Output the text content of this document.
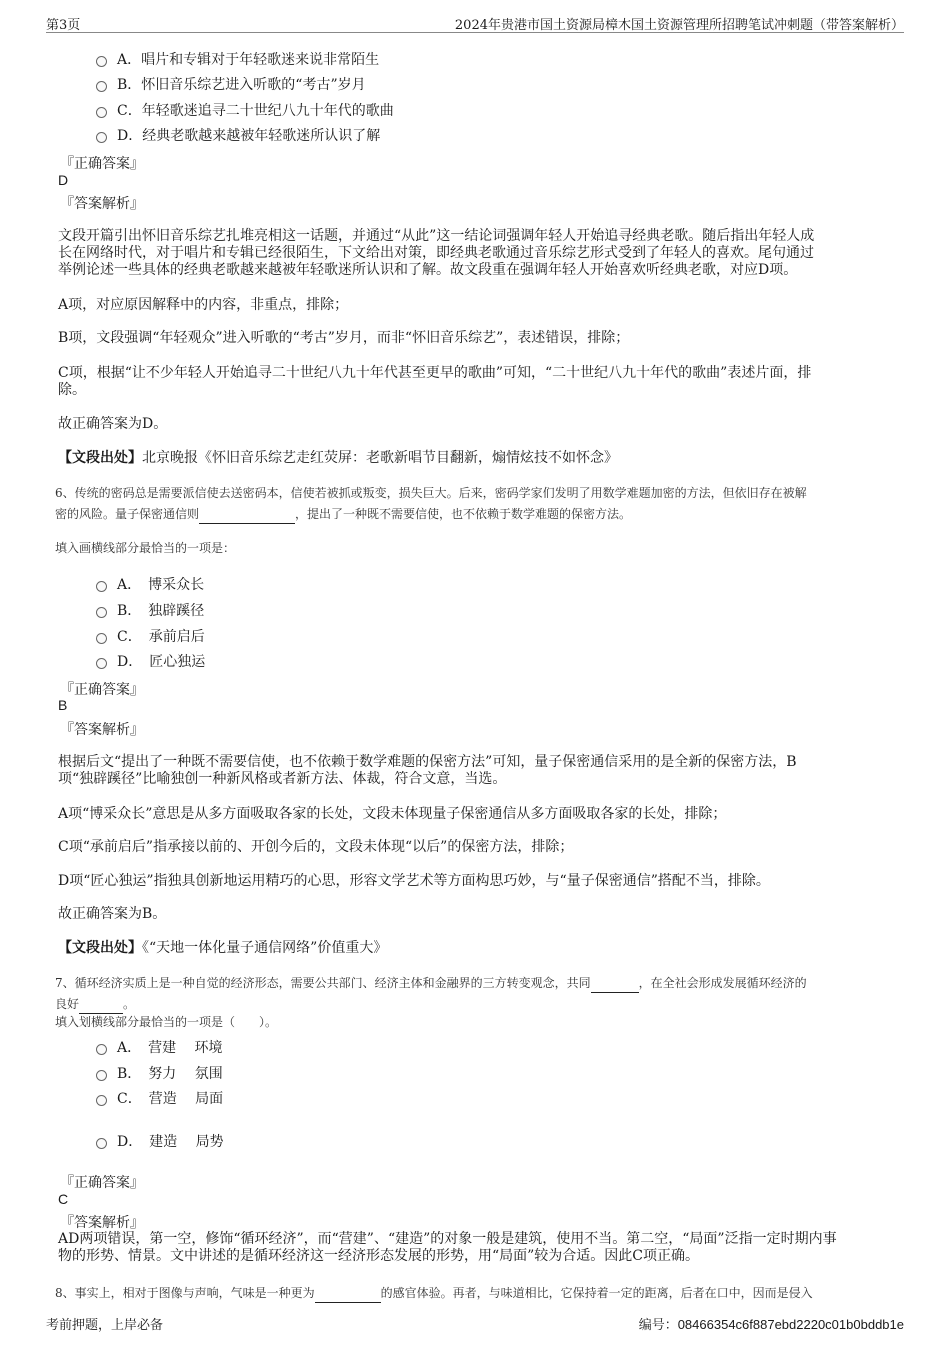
第3页	2024年贵港市国土资源局樟木国土资源管理所招聘笔试冲刺题（带答案解析）
A．唱片和专辑对于年轻歌迷来说非常陌生
B．怀旧音乐综艺进入听歌的“考古”岁月
C．年轻歌迷追寻二十世纪八九十年代的歌曲
D．经典老歌越来越被年轻歌迷所认识了解
『正确答案』
D
『答案解析』
文段开篇引出怀旧音乐综艺扎堆亮相这一话题，并通过“从此”这一结论词强调年轻人开始追寻经典老歌。随后指出年轻人成
长在网络时代，对于唱片和专辑已经很陌生，下文给出对策，即经典老歌通过音乐综艺形式受到了年轻人的喜欢。尾句通过
举例论述一些具体的经典老歌越来越被年轻歌迷所认识和了解。故文段重在强调年轻人开始喜欢听经典老歌，对应D项。
A项，对应原因解释中的内容，非重点，排除；
B项，文段强调“年轻观众”进入听歌的“考古”岁月，而非“怀旧音乐综艺”，表述错误，排除；
C项，根据“让不少年轻人开始追寻二十世纪八九十年代甚至更早的歌曲”可知，“二十世纪八九十年代的歌曲”表述片面，排
除。
故正确答案为D。
【文段出处】北京晚报《怀旧音乐综艺走红荧屏：老歌新唱节目翻新，煽情炫技不如怀念》
6、传统的密码总是需要派信使去送密码本，信使若被抓或叛变，损失巨大。后来，密码学家们发明了用数学难题加密的方法，但依旧存在被解
密的风险。量子保密通信则	，提出了一种既不需要信使，也不依赖于数学难题的保密方法。
填入画横线部分最恰当的一项是：
A．　博采众长
B．　独辟蹊径
C．　承前启后
D．　匠心独运
『正确答案』
B
『答案解析』
根据后文“提出了一种既不需要信使，也不依赖于数学难题的保密方法”可知，量子保密通信采用的是全新的保密方法，B
项“独辟蹊径”比喻独创一种新风格或者新方法、体裁，符合文意，当选。
A项“博采众长”意思是从多方面吸取各家的长处，文段未体现量子保密通信从多方面吸取各家的长处，排除；
C项“承前启后”指承接以前的、开创今后的，文段未体现“以后”的保密方法，排除；
D项“匠心独运”指独具创新地运用精巧的心思，形容文学艺术等方面构思巧妙，与“量子保密通信”搭配不当，排除。
故正确答案为B。
【文段出处】《“天地一体化量子通信网络”价值重大》
7、循环经济实质上是一种自觉的经济形态，需要公共部门、经济主体和金融界的三方转变观念，共同	，在全社会形成发展循环经济的
良好	。
填入划横线部分最恰当的一项是（　　）。
A．　营建　 环境
B．　努力　 氛围
C．　营造　 局面
D．　建造　 局势
『正确答案』
C
『答案解析』
AD两项错误，第一空，修饰“循环经济”，而“营建”、“建造”的对象一般是建筑，使用不当。第二空，“局面”泛指一定时期内事
物的形势、情景。文中讲述的是循环经济这一经济形态发展的形势，用“局面”较为合适。因此C项正确。
8、事实上，相对于图像与声响，气味是一种更为	的感官体验。再者，与味道相比，它保持着一定的距离，后者在口中，因而是侵入
考前押题，上岸必备	编号：08466354c6f887ebd2220c01b0bddb1e
